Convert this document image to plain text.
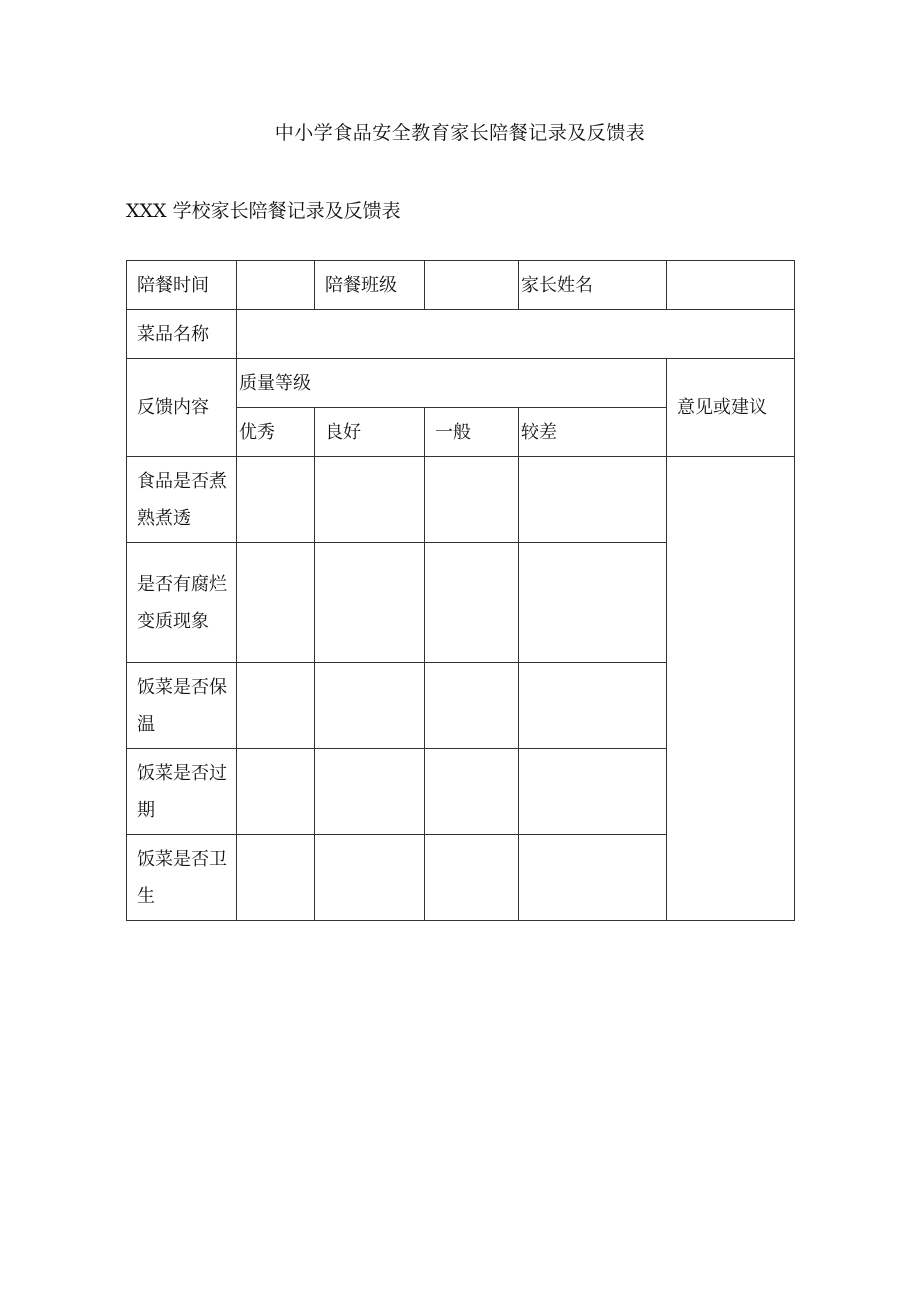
中小学食品安全教育家长陪餐记录及反馈表
XXX 学校家长陪餐记录及反馈表
陪餐时间		陪餐班级		家长姓名	
菜品名称					
反馈内容	质量等级				意见或建议
	优秀	良好	一般	较差	
食品是否煮熟煮透					
是否有腐烂变质现象					
饭菜是否保温					
饭菜是否过期					
饭菜是否卫生					
